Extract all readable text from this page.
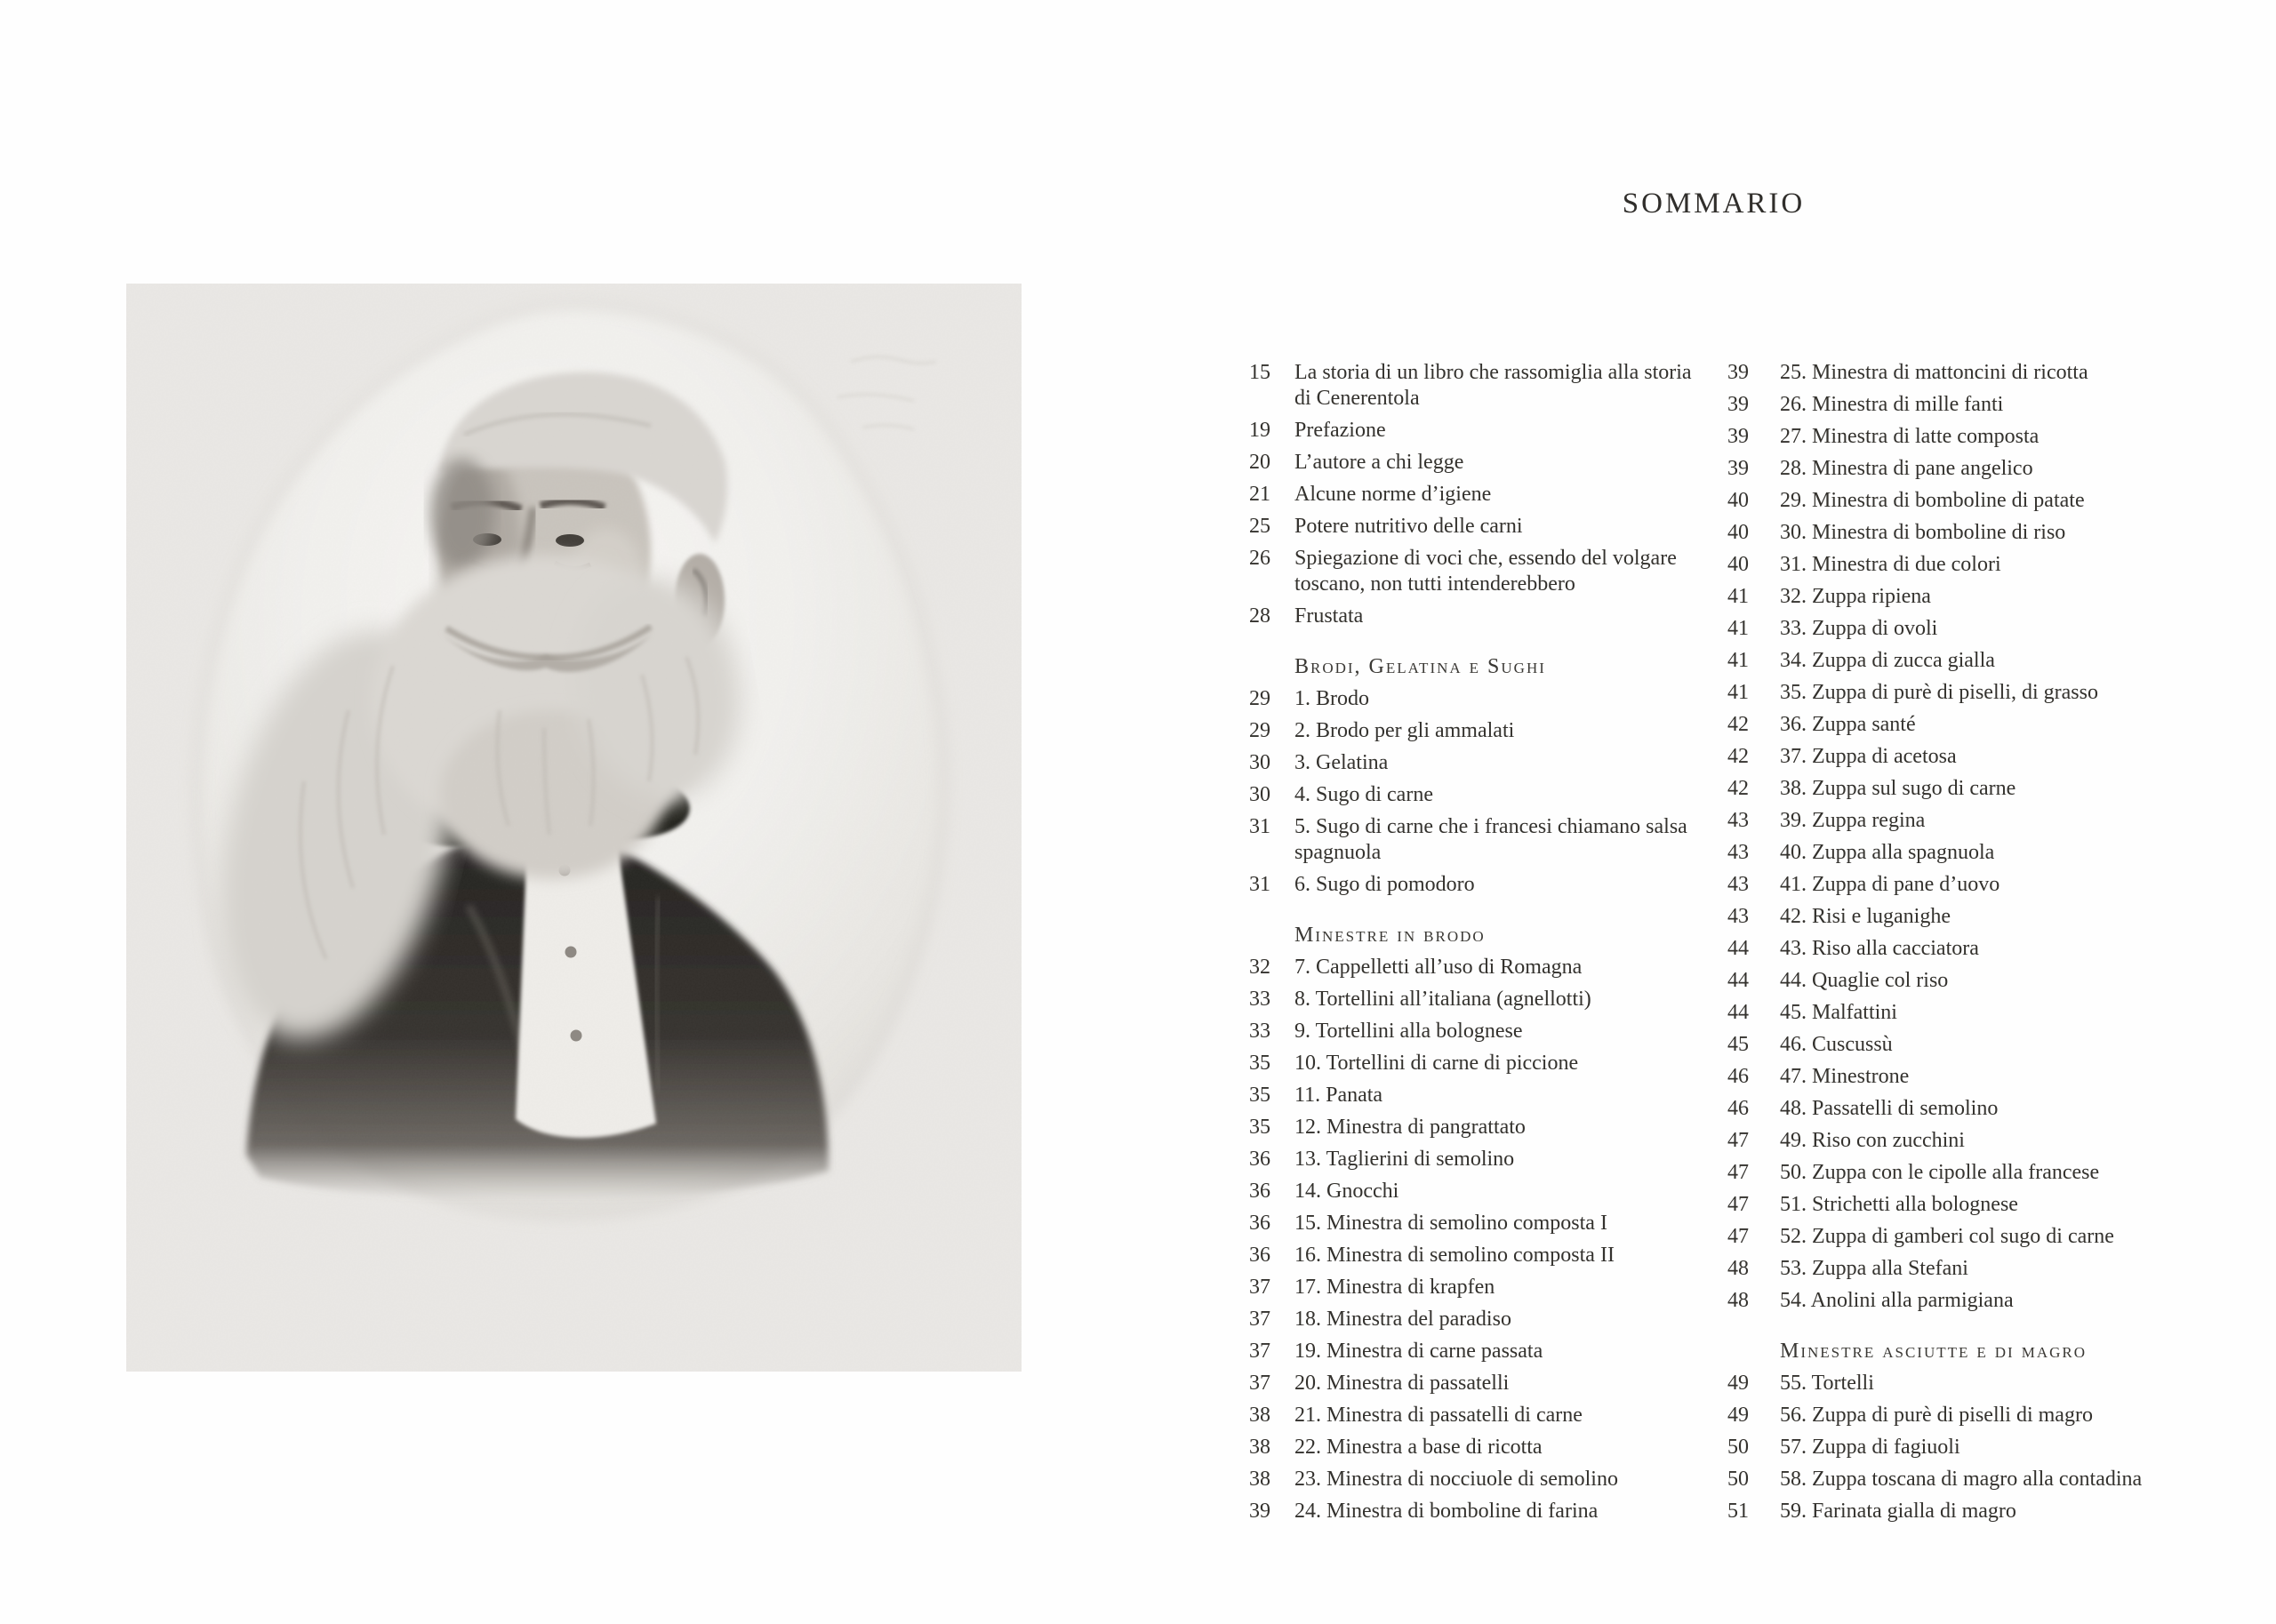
SOMMARIO
15	La storia di un libro che rassomiglia alla storia di Cenerentola
19	Prefazione
20	L’autore a chi legge
21	Alcune norme d’igiene
25	Potere nutritivo delle carni
26	Spiegazione di voci che, essendo del volgare toscano, non tutti intenderebbero
28	Frustata
Brodi, Gelatina e Sughi
29	1. Brodo
29	2. Brodo per gli ammalati
30	3. Gelatina
30	4. Sugo di carne
31	5. Sugo di carne che i francesi chiamano salsa spagnuola
31	6. Sugo di pomodoro
Minestre in brodo
32	7. Cappelletti all’uso di Romagna
33	8. Tortellini all’italiana (agnellotti)
33	9. Tortellini alla bolognese
35	10. Tortellini di carne di piccione
35	11. Panata
35	12. Minestra di pangrattato
36	13. Taglierini di semolino
36	14. Gnocchi
36	15. Minestra di semolino composta I
36	16. Minestra di semolino composta II
37	17. Minestra di krapfen
37	18. Minestra del paradiso
37	19. Minestra di carne passata
37	20. Minestra di passatelli
38	21. Minestra di passatelli di carne
38	22. Minestra a base di ricotta
38	23. Minestra di nocciuole di semolino
39	24. Minestra di bomboline di farina
39	25. Minestra di mattoncini di ricotta
39	26. Minestra di mille fanti
39	27. Minestra di latte composta
39	28. Minestra di pane angelico
40	29. Minestra di bomboline di patate
40	30. Minestra di bomboline di riso
40	31. Minestra di due colori
41	32. Zuppa ripiena
41	33. Zuppa di ovoli
41	34. Zuppa di zucca gialla
41	35. Zuppa di purè di piselli, di grasso
42	36. Zuppa santé
42	37. Zuppa di acetosa
42	38. Zuppa sul sugo di carne
43	39. Zuppa regina
43	40. Zuppa alla spagnuola
43	41. Zuppa di pane d’uovo
43	42. Risi e luganighe
44	43. Riso alla cacciatora
44	44. Quaglie col riso
44	45. Malfattini
45	46. Cuscussù
46	47. Minestrone
46	48. Passatelli di semolino
47	49. Riso con zucchini
47	50. Zuppa con le cipolle alla francese
47	51. Strichetti alla bolognese
47	52. Zuppa di gamberi col sugo di carne
48	53. Zuppa alla Stefani
48	54. Anolini alla parmigiana
Minestre asciutte e di magro
49	55. Tortelli
49	56. Zuppa di purè di piselli di magro
50	57. Zuppa di fagiuoli
50	58. Zuppa toscana di magro alla contadina
51	59. Farinata gialla di magro
